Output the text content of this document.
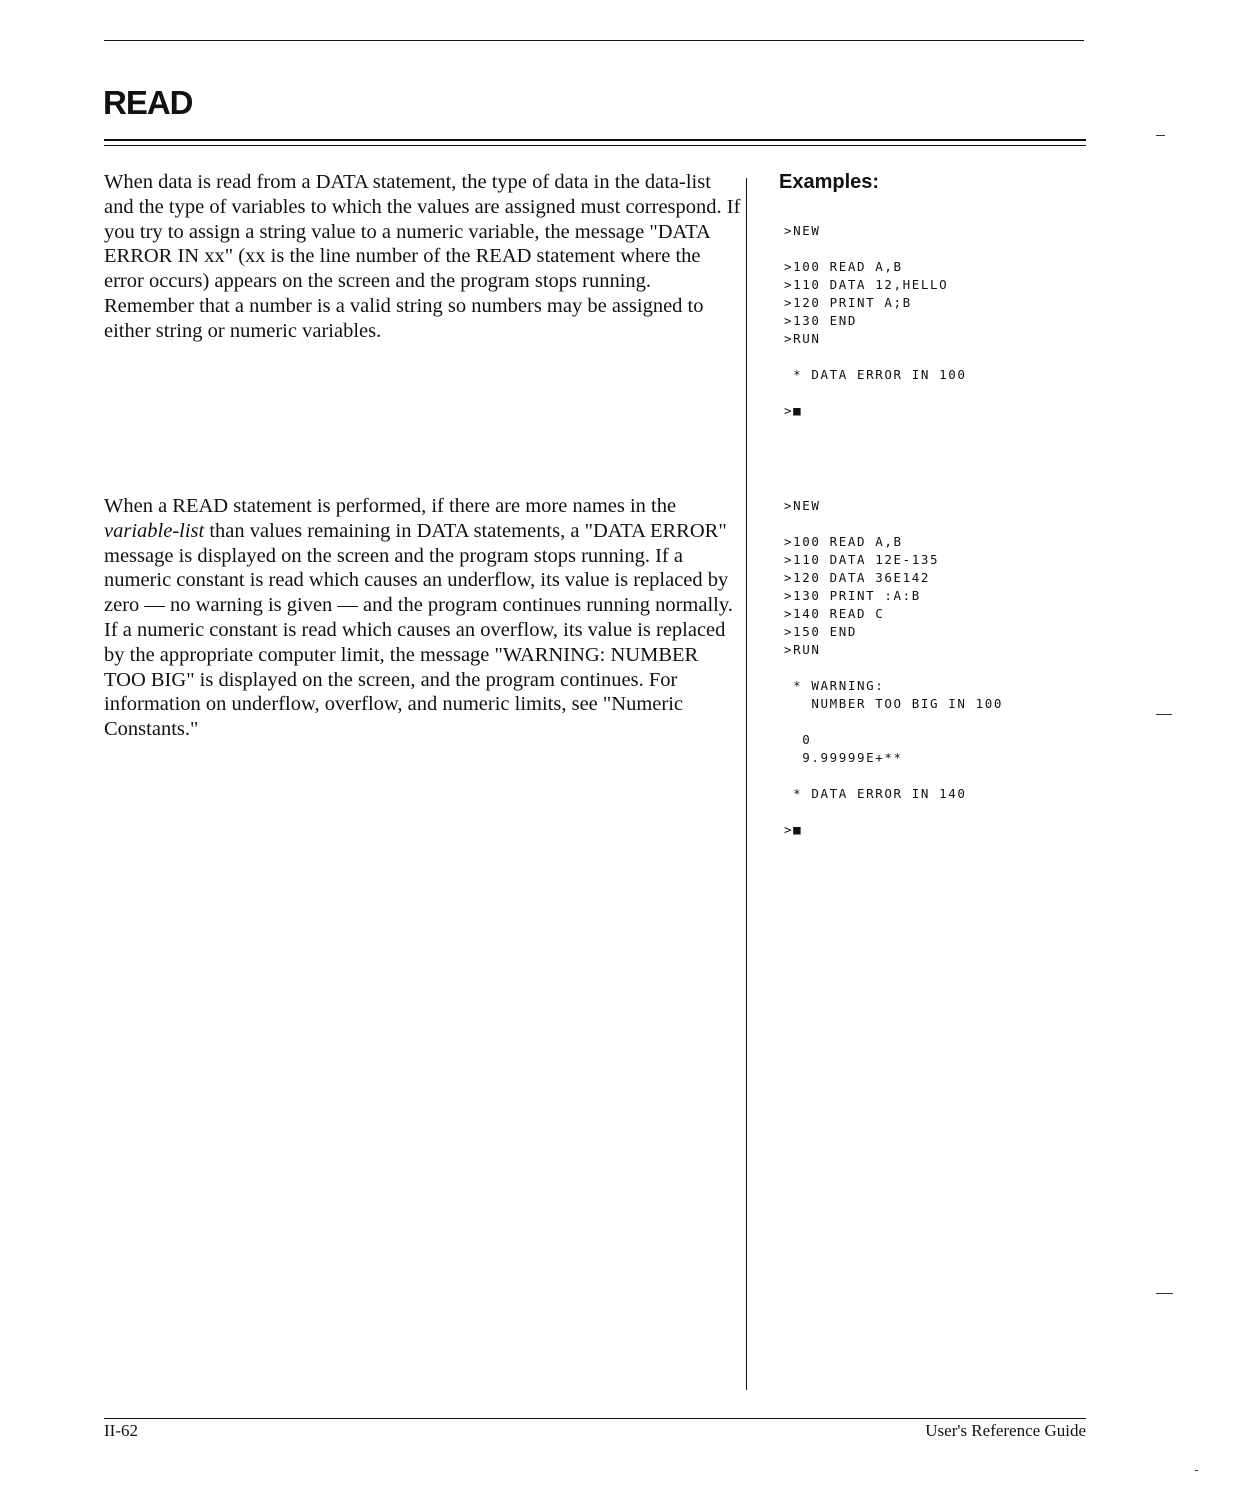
READ

When data is read from a DATA statement, the type of data in the data-list and the type of variables to which the values are assigned must correspond. If you try to assign a string value to a numeric variable, the message "DATA ERROR IN xx" (xx is the line number of the READ statement where the error occurs) appears on the screen and the program stops running. Remember that a number is a valid string so numbers may be assigned to either string or numeric variables.

When a READ statement is performed, if there are more names in the variable-list than values remaining in DATA statements, a "DATA ERROR" message is displayed on the screen and the program stops running. If a numeric constant is read which causes an underflow, its value is replaced by zero — no warning is given — and the program continues running normally. If a numeric constant is read which causes an overflow, its value is replaced by the appropriate computer limit, the message "WARNING: NUMBER TOO BIG" is displayed on the screen, and the program continues. For information on underflow, overflow, and numeric limits, see "Numeric Constants."

Examples:
>NEW

>100 READ A,B
>110 DATA 12,HELLO
>120 PRINT A;B
>130 END
>RUN

* DATA ERROR IN 100

>■
>NEW

>100 READ A,B
>110 DATA 12E-135
>120 DATA 36E142
>130 PRINT :A:B
>140 READ C
>150 END
>RUN

* WARNING:
NUMBER TOO BIG IN 100

0
9.99999E+**

* DATA ERROR IN 140

>■
II-62	User's Reference Guide
